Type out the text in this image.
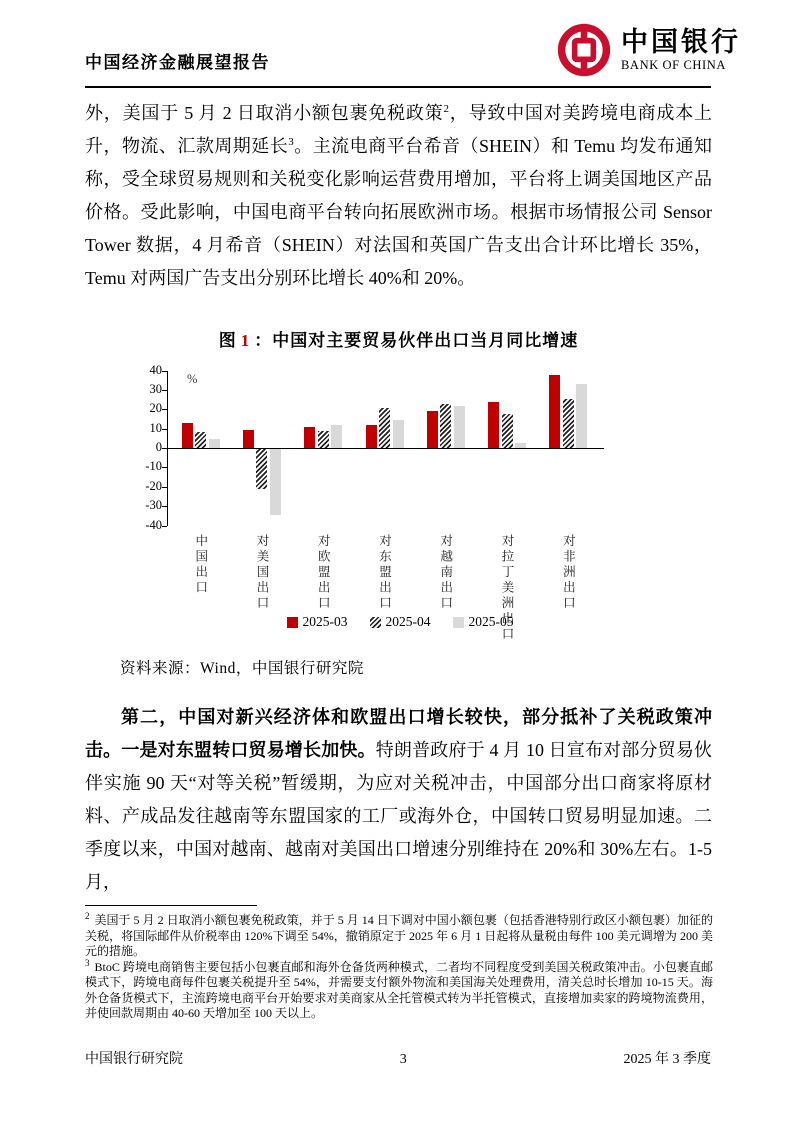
中国经济金融展望报告
中国银行
BANK OF CHINA

外，美国于 5 月 2 日取消小额包裹免税政策$^2$，导致中国对美跨境电商成本上升，物流、汇款周期延长$^3$。主流电商平台希音（SHEIN）和 Temu 均发布通知称，受全球贸易规则和关税变化影响运营费用增加，平台将上调美国地区产品价格。受此影响，中国电商平台转向拓展欧洲市场。根据市场情报公司 Sensor Tower 数据，4 月希音（SHEIN）对法国和英国广告支出合计环比增长 35%，Temu 对两国广告支出分别环比增长 40%和 20%。

图 1 ：中国对主要贸易伙伴出口当月同比增速
%
40
30
20
10
0
-10
-20
-30
-40
中国出口	对美国出口	对欧盟出口	对东盟出口	对越南出口	对拉丁美洲出口	对非洲出口
2025-03	2025-04	2025-05
资料来源：Wind，中国银行研究院

第二，中国对新兴经济体和欧盟出口增长较快，部分抵补了关税政策冲击。一是对东盟转口贸易增长加快。特朗普政府于 4 月 10 日宣布对部分贸易伙伴实施 90 天“对等关税”暂缓期，为应对关税冲击，中国部分出口商家将原材料、产成品发往越南等东盟国家的工厂或海外仓，中国转口贸易明显加速。二季度以来，中国对越南、越南对美国出口增速分别维持在 20%和 30%左右。1-5 月，

$^2$ 美国于 5 月 2 日取消小额包裹免税政策，并于 5 月 14 日下调对中国小额包裹（包括香港特别行政区小额包裹）加征的关税，将国际邮件从价税率由 120%下调至 54%，撤销原定于 2025 年 6 月 1 日起将从量税由每件 100 美元调增为 200 美元的措施。

$^3$ BtoC 跨境电商销售主要包括小包裹直邮和海外仓备货两种模式，二者均不同程度受到美国关税政策冲击。小包裹直邮模式下，跨境电商每件包裹关税提升至 54%，并需要支付额外物流和美国海关处理费用，清关总时长增加 10-15 天。海外仓备货模式下，主流跨境电商平台开始要求对美商家从全托管模式转为半托管模式，直接增加卖家的跨境物流费用，并使回款周期由 40-60 天增加至 100 天以上。

中国银行研究院	3	2025 年 3 季度
